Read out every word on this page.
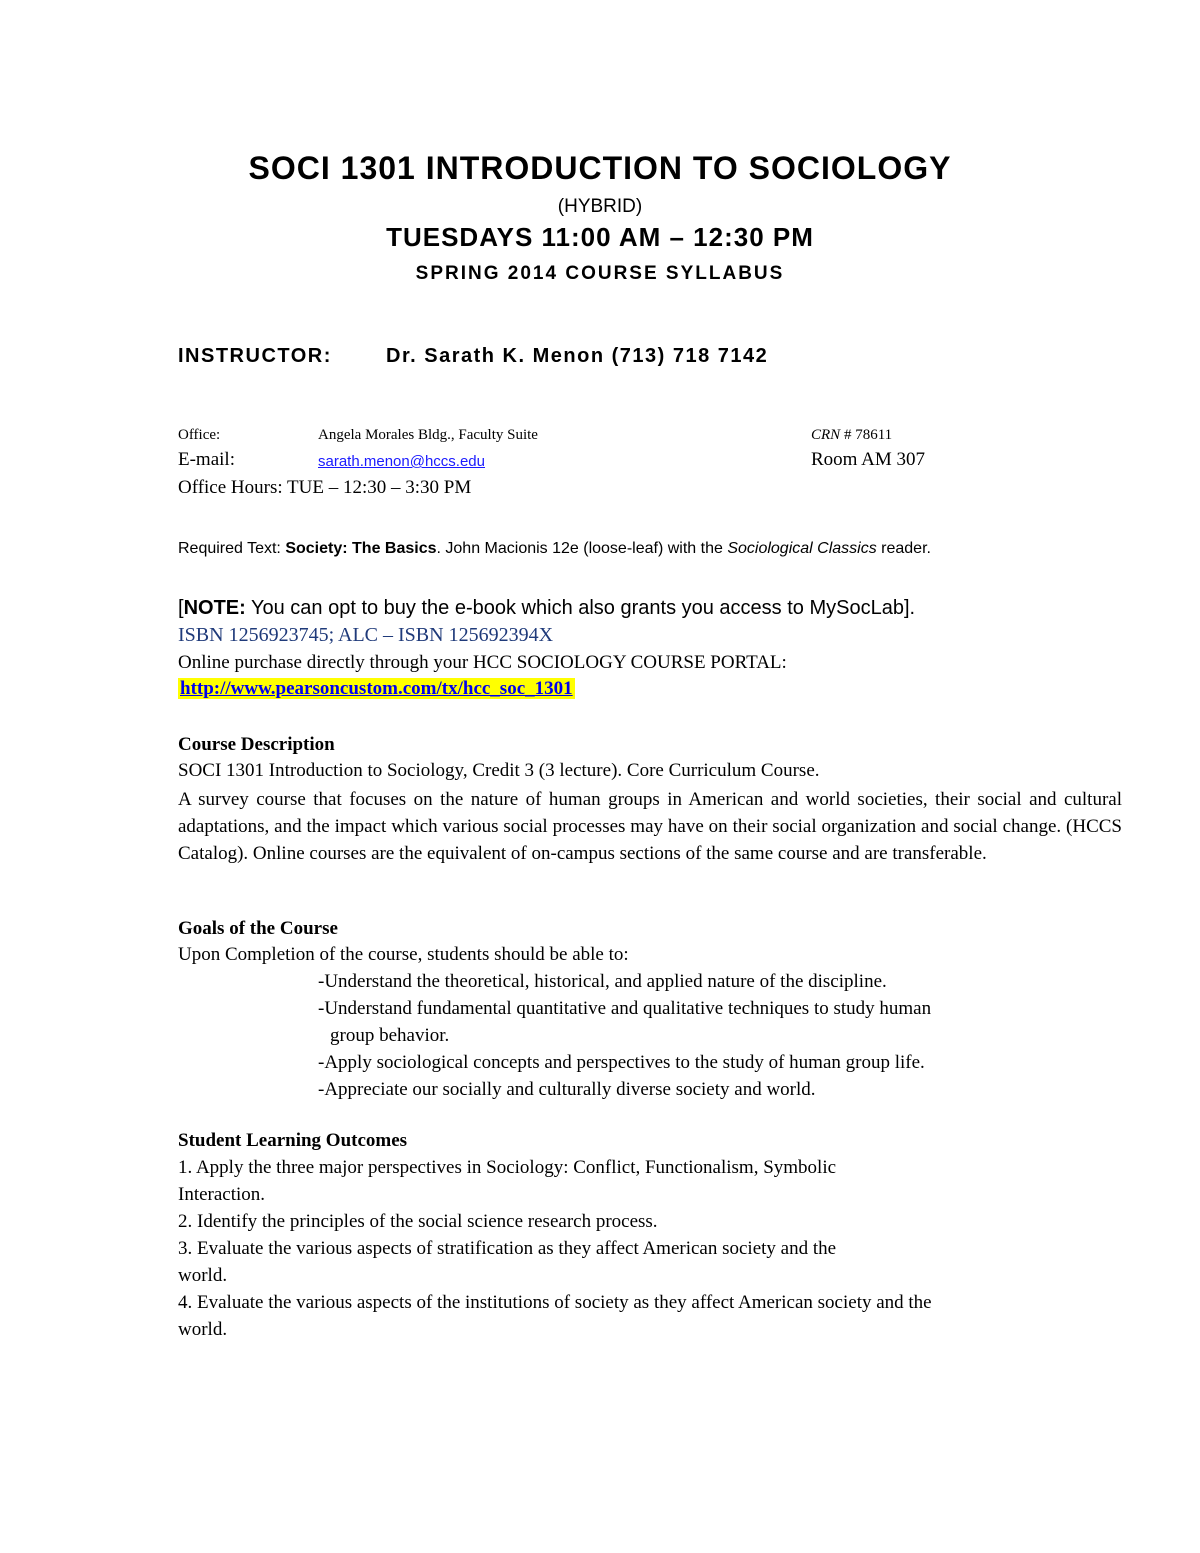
SOCI 1301 INTRODUCTION TO SOCIOLOGY
(HYBRID)
TUESDAYS 11:00 AM – 12:30 PM
SPRING 2014 COURSE SYLLABUS
INSTRUCTOR:	Dr. Sarath K. Menon (713) 718 7142
Office:	Angela Morales Bldg., Faculty Suite	CRN # 78611
E-mail:	sarath.menon@hccs.edu	Room AM 307
Office Hours: TUE – 12:30 – 3:30 PM
Required Text: Society: The Basics. John Macionis 12e (loose-leaf) with the Sociological Classics reader.
[NOTE: You can opt to buy the e-book which also grants you access to MySocLab].
ISBN 1256923745; ALC – ISBN 125692394X
Online purchase directly through your HCC SOCIOLOGY COURSE PORTAL:
http://www.pearsoncustom.com/tx/hcc_soc_1301
Course Description
SOCI 1301 Introduction to Sociology, Credit 3 (3 lecture). Core Curriculum Course.
A survey course that focuses on the nature of human groups in American and world societies, their social and cultural adaptations, and the impact which various social processes may have on their social organization and social change. (HCCS Catalog). Online courses are the equivalent of on-campus sections of the same course and are transferable.
Goals of the Course
Upon Completion of the course, students should be able to:
-Understand the theoretical, historical, and applied nature of the discipline.
-Understand fundamental quantitative and qualitative techniques to study human
group behavior.
-Apply sociological concepts and perspectives to the study of human group life.
-Appreciate our socially and culturally diverse society and world.
Student Learning Outcomes
1. Apply the three major perspectives in Sociology: Conflict, Functionalism, Symbolic
Interaction.
2. Identify the principles of the social science research process.
3. Evaluate the various aspects of stratification as they affect American society and the
world.
4. Evaluate the various aspects of the institutions of society as they affect American society and the
world.
